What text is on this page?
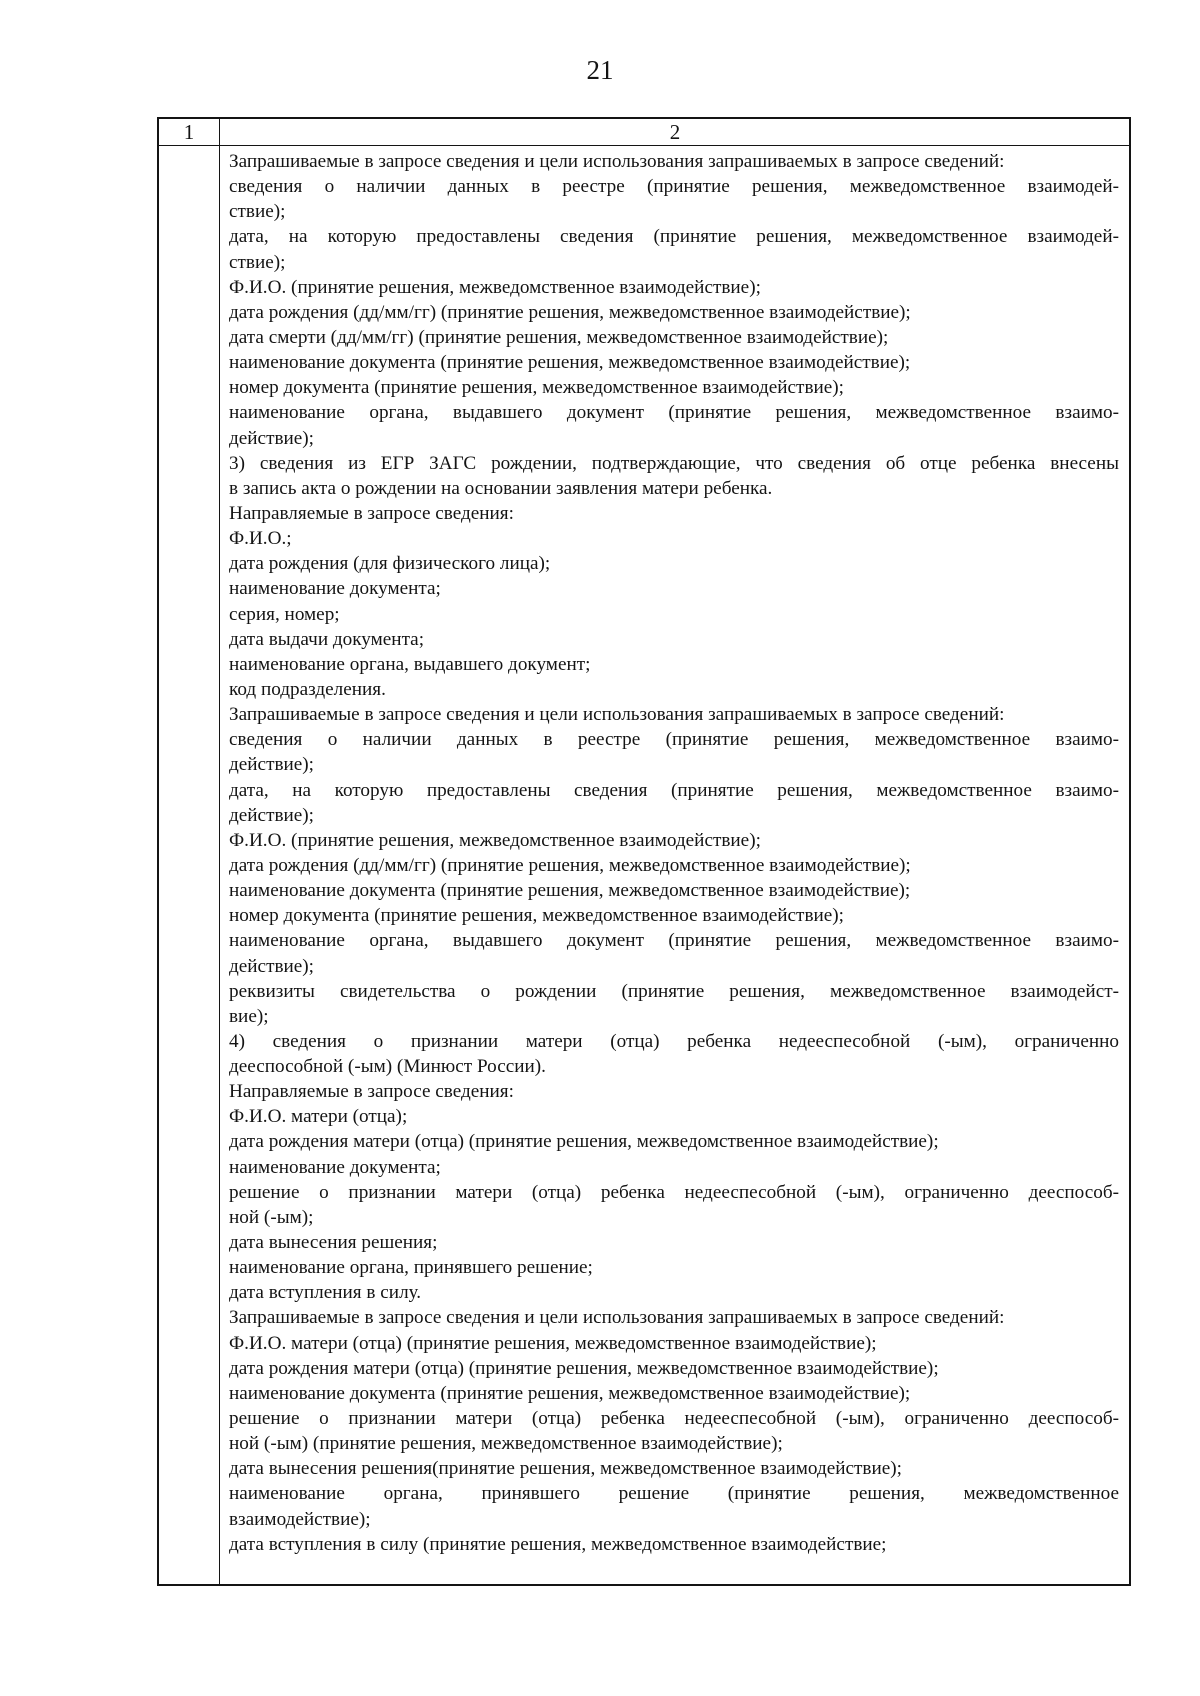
21
1	2
Запрашиваемые в запросе сведения и цели использования запрашиваемых в запросе сведений:
сведения о наличии данных в реестре (принятие решения, межведомственное взаимодей-
ствие);
дата, на которую предоставлены сведения (принятие решения, межведомственное взаимодей-
ствие);
Ф.И.О. (принятие решения, межведомственное взаимодействие);
дата рождения (дд/мм/гг) (принятие решения, межведомственное взаимодействие);
дата смерти (дд/мм/гг) (принятие решения, межведомственное взаимодействие);
наименование документа (принятие решения, межведомственное взаимодействие);
номер документа (принятие решения, межведомственное взаимодействие);
наименование органа, выдавшего документ (принятие решения, межведомственное взаимо-
действие);
3) сведения из ЕГР ЗАГС рождении, подтверждающие, что сведения об отце ребенка внесены
в запись акта о рождении на основании заявления матери ребенка.
Направляемые в запросе сведения:
Ф.И.О.;
дата рождения (для физического лица);
наименование документа;
серия, номер;
дата выдачи документа;
наименование органа, выдавшего документ;
код подразделения.
Запрашиваемые в запросе сведения и цели использования запрашиваемых в запросе сведений:
сведения о наличии данных в реестре (принятие решения, межведомственное взаимо-
действие);
дата, на которую предоставлены сведения (принятие решения, межведомственное взаимо-
действие);
Ф.И.О. (принятие решения, межведомственное взаимодействие);
дата рождения (дд/мм/гг) (принятие решения, межведомственное взаимодействие);
наименование документа (принятие решения, межведомственное взаимодействие);
номер документа (принятие решения, межведомственное взаимодействие);
наименование органа, выдавшего документ (принятие решения, межведомственное взаимо-
действие);
реквизиты свидетельства о рождении (принятие решения, межведомственное взаимодейст-
вие);
4) сведения о признании матери (отца) ребенка недееспесобной (-ым), ограниченно
дееспособной (-ым) (Минюст России).
Направляемые в запросе сведения:
Ф.И.О. матери (отца);
дата рождения матери (отца) (принятие решения, межведомственное взаимодействие);
наименование документа;
решение о признании матери (отца) ребенка недееспесобной (-ым), ограниченно дееспособ-
ной (-ым);
дата вынесения решения;
наименование органа, принявшего решение;
дата вступления в силу.
Запрашиваемые в запросе сведения и цели использования запрашиваемых в запросе сведений:
Ф.И.О. матери (отца) (принятие решения, межведомственное взаимодействие);
дата рождения матери (отца) (принятие решения, межведомственное взаимодействие);
наименование документа (принятие решения, межведомственное взаимодействие);
решение о признании матери (отца) ребенка недееспесобной (-ым), ограниченно дееспособ-
ной (-ым) (принятие решения, межведомственное взаимодействие);
дата вынесения решения(принятие решения, межведомственное взаимодействие);
наименование органа, принявшего решение (принятие решения, межведомственное
взаимодействие);
дата вступления в силу (принятие решения, межведомственное взаимодействие;
